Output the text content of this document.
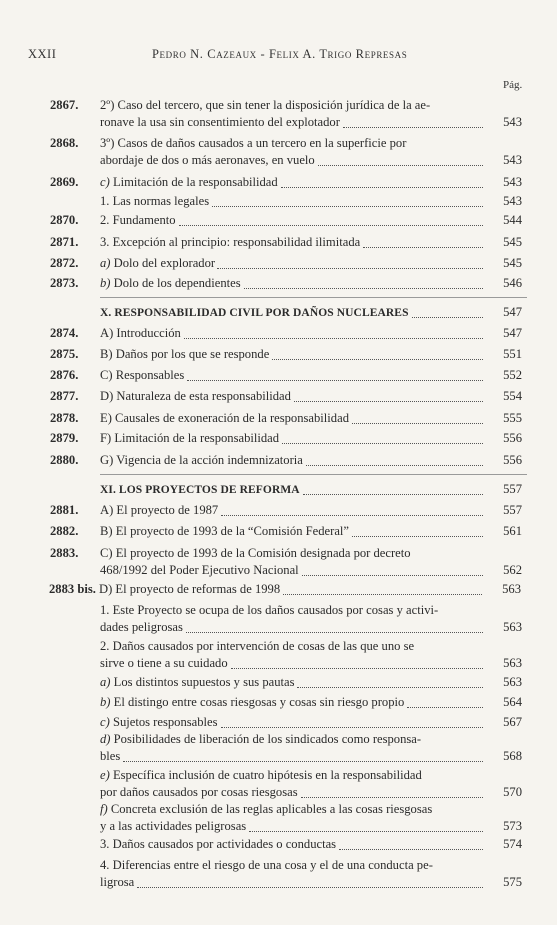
XXII	Pedro N. Cazeaux - Felix A. Trigo Represas
Pág.
2867.	2º) Caso del tercero, que sin tener la disposición jurídica de la ae-
ronave la usa sin consentimiento del explotador	543
2868.	3º) Casos de daños causados a un tercero en la superficie por
abordaje de dos o más aeronaves, en vuelo	543
2869.	c) Limitación de la responsabilidad	543
1. Las normas legales	543
2870.	2. Fundamento	544
2871.	3. Excepción al principio: responsabilidad ilimitada	545
2872.	a) Dolo del explorador	545
2873.	b) Dolo de los dependientes	546
X. RESPONSABILIDAD CIVIL POR DAÑOS NUCLEARES	547
2874.	A) Introducción	547
2875.	B) Daños por los que se responde	551
2876.	C) Responsables	552
2877.	D) Naturaleza de esta responsabilidad	554
2878.	E) Causales de exoneración de la responsabilidad	555
2879.	F) Limitación de la responsabilidad	556
2880.	G) Vigencia de la acción indemnizatoria	556
XI. LOS PROYECTOS DE REFORMA	557
2881.	A) El proyecto de 1987	557
2882.	B) El proyecto de 1993 de la “Comisión Federal”	561
2883.	C) El proyecto de 1993 de la Comisión designada por decreto
468/1992 del Poder Ejecutivo Nacional	562
2883 bis. D) El proyecto de reformas de 1998	563
1. Este Proyecto se ocupa de los daños causados por cosas y activi-
dades peligrosas	563
2. Daños causados por intervención de cosas de las que uno se
sirve o tiene a su cuidado	563
a) Los distintos supuestos y sus pautas	563
b) El distingo entre cosas riesgosas y cosas sin riesgo propio	564
c) Sujetos responsables	567
d) Posibilidades de liberación de los sindicados como responsa-
bles	568
e) Específica inclusión de cuatro hipótesis en la responsabilidad
por daños causados por cosas riesgosas	570
f) Concreta exclusión de las reglas aplicables a las cosas riesgosas
y a las actividades peligrosas	573
3. Daños causados por actividades o conductas	574
4. Diferencias entre el riesgo de una cosa y el de una conducta pe-
ligrosa	575
